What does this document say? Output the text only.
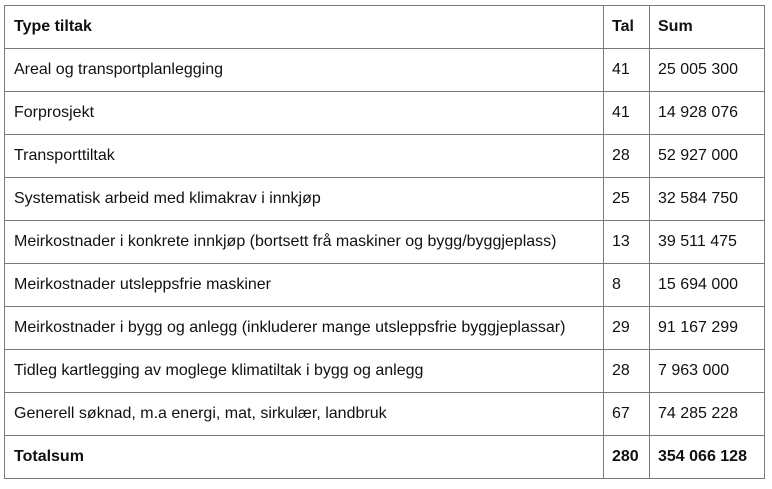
Type tiltak	Tal	Sum
Areal og transportplanlegging	41	25 005 300
Forprosjekt	41	14 928 076
Transporttiltak	28	52 927 000
Systematisk arbeid med klimakrav i innkjøp	25	32 584 750
Meirkostnader i konkrete innkjøp (bortsett frå maskiner og bygg/byggjeplass)	13	39 511 475
Meirkostnader utsleppsfrie maskiner	8	15 694 000
Meirkostnader i bygg og anlegg (inkluderer mange utsleppsfrie byggjeplassar)	29	91 167 299
Tidleg kartlegging av moglege klimatiltak i bygg og anlegg	28	7 963 000
Generell søknad, m.a energi, mat, sirkulær, landbruk	67	74 285 228
Totalsum	280	354 066 128
